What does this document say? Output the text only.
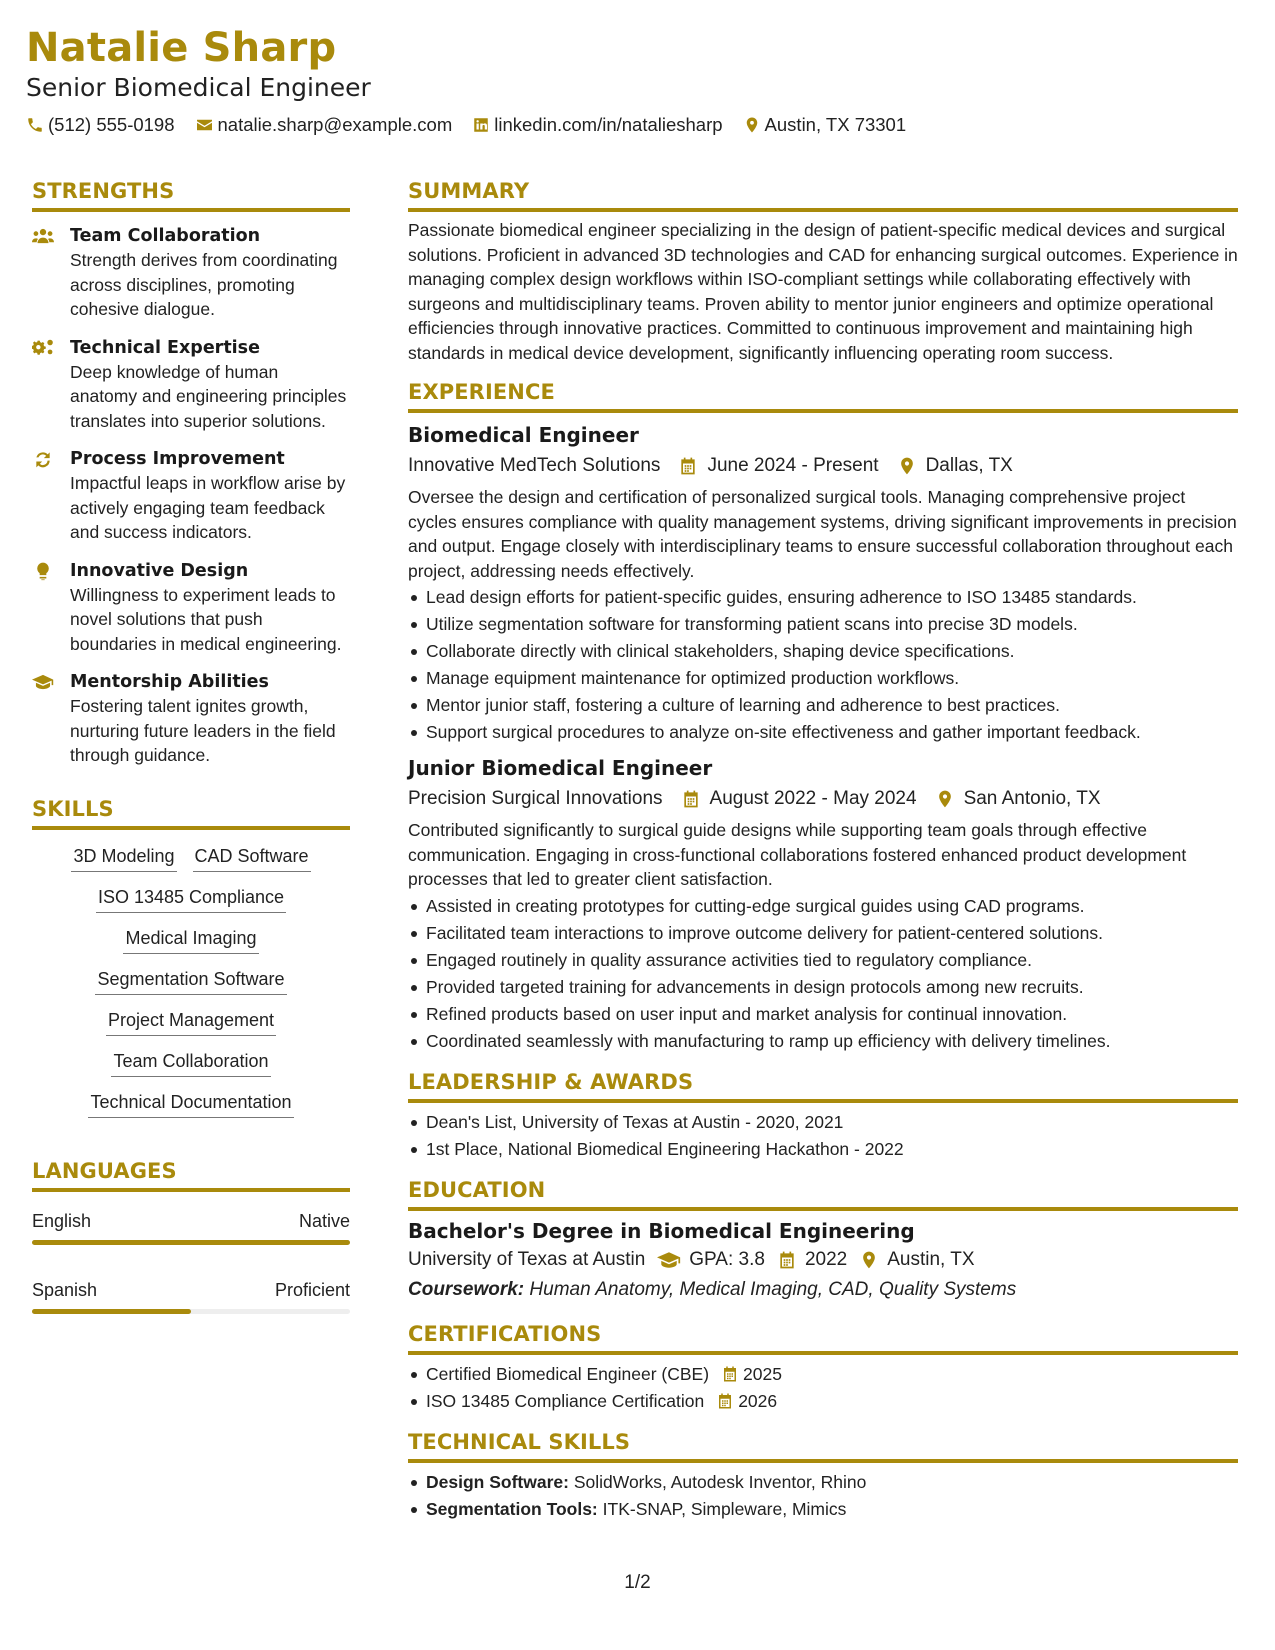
Natalie Sharp
Senior Biomedical Engineer
(512) 555-0198 natalie.sharp@example.com linkedin.com/in/nataliesharp Austin, TX 73301
STRENGTHS
Team Collaboration
Strength derives from coordinating across disciplines, promoting cohesive dialogue.
Technical Expertise
Deep knowledge of human anatomy and engineering principles translates into superior solutions.
Process Improvement
Impactful leaps in workflow arise by actively engaging team feedback and success indicators.
Innovative Design
Willingness to experiment leads to novel solutions that push boundaries in medical engineering.
Mentorship Abilities
Fostering talent ignites growth, nurturing future leaders in the field through guidance.
SKILLS
3D Modeling CAD Software
ISO 13485 Compliance
Medical Imaging
Segmentation Software
Project Management
Team Collaboration
Technical Documentation
LANGUAGES
English	Native
Spanish	Proficient
SUMMARY
Passionate biomedical engineer specializing in the design of patient-specific medical devices and surgical solutions. Proficient in advanced 3D technologies and CAD for enhancing surgical outcomes. Experience in managing complex design workflows within ISO-compliant settings while collaborating effectively with surgeons and multidisciplinary teams. Proven ability to mentor junior engineers and optimize operational efficiencies through innovative practices. Committed to continuous improvement and maintaining high standards in medical device development, significantly influencing operating room success.
EXPERIENCE
Biomedical Engineer
Innovative MedTech Solutions June 2024 - Present Dallas, TX
Oversee the design and certification of personalized surgical tools. Managing comprehensive project cycles ensures compliance with quality management systems, driving significant improvements in precision and output. Engage closely with interdisciplinary teams to ensure successful collaboration throughout each project, addressing needs effectively.
Lead design efforts for patient-specific guides, ensuring adherence to ISO 13485 standards.
Utilize segmentation software for transforming patient scans into precise 3D models.
Collaborate directly with clinical stakeholders, shaping device specifications.
Manage equipment maintenance for optimized production workflows.
Mentor junior staff, fostering a culture of learning and adherence to best practices.
Support surgical procedures to analyze on-site effectiveness and gather important feedback.
Junior Biomedical Engineer
Precision Surgical Innovations August 2022 - May 2024 San Antonio, TX
Contributed significantly to surgical guide designs while supporting team goals through effective communication. Engaging in cross-functional collaborations fostered enhanced product development processes that led to greater client satisfaction.
Assisted in creating prototypes for cutting-edge surgical guides using CAD programs.
Facilitated team interactions to improve outcome delivery for patient-centered solutions.
Engaged routinely in quality assurance activities tied to regulatory compliance.
Provided targeted training for advancements in design protocols among new recruits.
Refined products based on user input and market analysis for continual innovation.
Coordinated seamlessly with manufacturing to ramp up efficiency with delivery timelines.
LEADERSHIP & AWARDS
Dean's List, University of Texas at Austin - 2020, 2021
1st Place, National Biomedical Engineering Hackathon - 2022
EDUCATION
Bachelor's Degree in Biomedical Engineering
University of Texas at Austin GPA: 3.8 2022 Austin, TX
Coursework: Human Anatomy, Medical Imaging, CAD, Quality Systems
CERTIFICATIONS
Certified Biomedical Engineer (CBE) 2025
ISO 13485 Compliance Certification 2026
TECHNICAL SKILLS
Design Software: SolidWorks, Autodesk Inventor, Rhino
Segmentation Tools: ITK-SNAP, Simpleware, Mimics
1/2
